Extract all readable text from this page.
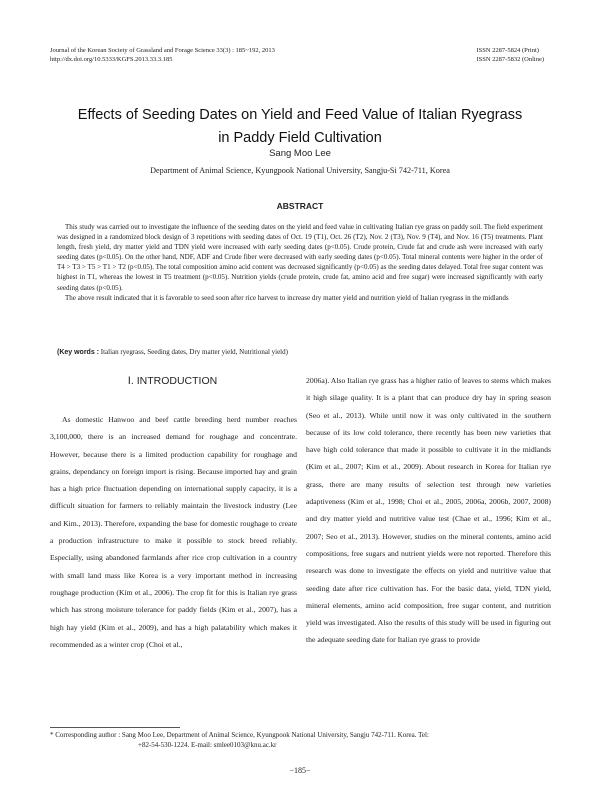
Journal of the Korean Society of Grassland and Forage Science 33(3) : 185~192, 2013
http://dx.doi.org/10.5333/KGFS.2013.33.3.185
ISSN 2287-5824 (Print)
ISSN 2287-5832 (Online)
Effects of Seeding Dates on Yield and Feed Value of Italian Ryegrass
in Paddy Field Cultivation
Sang Moo Lee
Department of Animal Science, Kyungpook National University, Sangju-Si 742-711, Korea
ABSTRACT

This study was carried out to investigate the influence of the seeding dates on the yield and feed value in cultivating Italian rye grass on paddy soil. The field experiment was designed in a randomized block design of 3 repetitions with seeding dates of Oct. 19 (T1), Oct. 26 (T2), Nov. 2 (T3), Nov. 9 (T4), and Nov. 16 (T5) treatments. Plant length, fresh yield, dry matter yield and TDN yield were increased with early seeding dates (p<0.05). Crude protein, Crude fat and crude ash were increased with early seeding dates (p<0.05). On the other hand, NDF, ADF and Crude fiber were decreased with early seeding dates (p<0.05). Total mineral contents were higher in the order of T4 > T3 > T5 > T1 > T2 (p<0.05). The total composition amino acid content was decreased significantly (p<0.05) as the seeding dates delayed. Total free sugar content was highest in T1, whereas the lowest in T5 treatment (p<0.05). Nutrition yields (crude protein, crude fat, amino acid and free sugar) were increased significantly with early seeding dates (p<0.05).

The above result indicated that it is favorable to seed soon after rice harvest to increase dry matter yield and nutrition yield of Italian ryegrass in the midlands

(Key words : Italian ryegrass, Seeding dates, Dry matter yield, Nutritional yield)
Ⅰ. INTRODUCTION

As domestic Hanwoo and beef cattle breeding herd number reaches 3,100,000, there is an increased demand for roughage and concentrate. However, because there is a limited production capability for roughage and grains, dependancy on foreign import is rising. Because imported hay and grain has a high price fluctuation depending on international supply capacity, it is a difficult situation for farmers to reliably maintain the livestock industry (Lee and Kim., 2013). Therefore, expanding the base for domestic roughage to create a production infrastructure to make it possible to stock breed reliably. Especially, using abandoned farmlands after rice crop cultivation in a country with small land mass like Korea is a very important method in increasing roughage production (Kim et al., 2006). The crop fit for this is Italian rye grass which has strong moisture tolerance for paddy fields (Kim et al., 2007), has a high hay yield (Kim et al., 2009), and has a high palatability which makes it recommended as a winter crop (Choi et al.,

2006a). Also Italian rye grass has a higher ratio of leaves to stems which makes it high silage quality. It is a plant that can produce dry hay in spring season (Seo et al., 2013). While until now it was only cultivated in the southern because of its low cold tolerance, there recently has been new varieties that have high cold tolerance that made it possible to cultivate it in the midlands (Kim et al., 2007; Kim et al., 2009). About research in Korea for Italian rye grass, there are many results of selection test through new varieties adaptiveness (Kim et al., 1998; Choi et al., 2005, 2006a, 2006b, 2007, 2008) and dry matter yield and nutritive value test (Chae et al., 1996; Kim et al., 2007; Seo et al., 2013). However, studies on the mineral contents, amino acid compositions, free sugars and nutrient yields were not reported. Therefore this research was done to investigate the effects on yield and nutritive value that seeding date after rice cultivation has. For the basic data, yield, TDN yield, mineral elements, amino acid composition, free sugar content, and nutrition yield was investigated. Also the results of this study will be used in figuring out the adequate seeding date for Italian rye grass to provide

* Corresponding author : Sang Moo Lee, Department of Animal Science, Kyungpook National University, Sangju 742-711. Korea. Tel:
+82-54-530-1224. E-mail: smlee0103@knu.ac.kr
−185−
